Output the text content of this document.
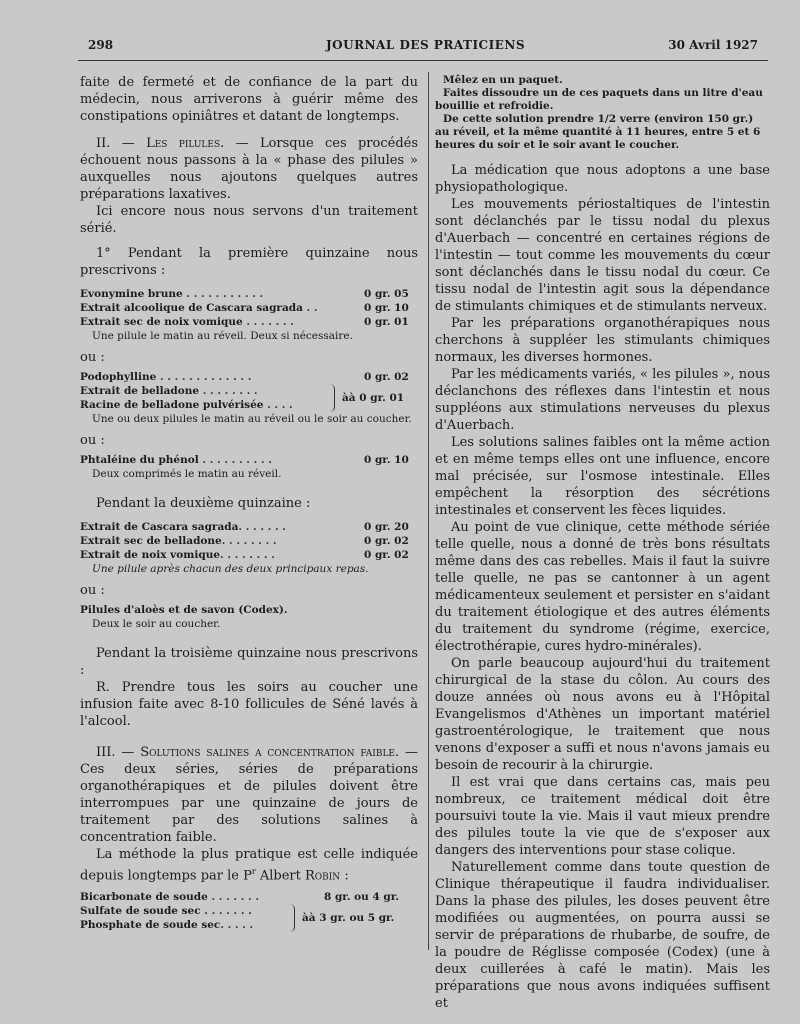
298	JOURNAL DES PRATICIENS	30 Avril 1927

faite de fermeté et de confiance de la part du médecin, nous arriverons à guérir même des constipations opiniâtres et datant de longtemps.

II. — Les pilules. — Lorsque ces procédés échouent nous passons à la « phase des pilules » auxquelles nous ajoutons quelques autres préparations laxatives.

Ici encore nous nous servons d'un traitement sérié.

1° Pendant la première quinzaine nous prescrivons :

Evonymine brune . . . . . . . . . . .	0 gr. 05
Extrait alcoolique de Cascara sagrada . .	0 gr. 10
Extrait sec de noix vomique . . . . . . .	0 gr. 01

Une pilule le matin au réveil. Deux si nécessaire.

ou :

Podophylline . . . . . . . . . . . . .	0 gr. 02
Extrait de belladone . . . . . . . .
Racine de belladone pulvérisée . . . .
àà 0 gr. 01

Une ou deux pilules le matin au réveil ou le soir au coucher.

ou :

Phtaléine du phénol . . . . . . . . . .	0 gr. 10

Deux comprimés le matin au réveil.

Pendant la deuxième quinzaine :

Extrait de Cascara sagrada. . . . . . .	0 gr. 20
Extrait sec de belladone. . . . . . . .	0 gr. 02
Extrait de noix vomique. . . . . . . .	0 gr. 02

Une pilule après chacun des deux principaux repas.

ou :

Pilules d'aloès et de savon (Codex).

Deux le soir au coucher.

Pendant la troisième quinzaine nous prescrivons :

R. Prendre tous les soirs au coucher une infusion faite avec 8-10 follicules de Séné lavés à l'alcool.

III. — Solutions salines a concentration faible. — Ces deux séries, séries de préparations organothérapiques et de pilules doivent être interrompues par une quinzaine de jours de traitement par des solutions salines à concentration faible.

La méthode la plus pratique est celle indiquée depuis longtemps par le $P^r$ Albert Robin :

Bicarbonate de soude . . . . . . .	8 gr. ou 4 gr.
Sulfate de soude sec . . . . . . .
Phosphate de soude sec. . . . .
àà 3 gr. ou 5 gr.

Mêlez en un paquet.

Faites dissoudre un de ces paquets dans un litre d'eau bouillie et refroidie.

De cette solution prendre 1/2 verre (environ 150 gr.) au réveil, et la même quantité à 11 heures, entre 5 et 6 heures du soir et le soir avant le coucher.

La médication que nous adoptons a une base physiopathologique.

Les mouvements périostaltiques de l'intestin sont déclanchés par le tissu nodal du plexus d'Auerbach — concentré en certaines régions de l'intestin — tout comme les mouvements du cœur sont déclanchés dans le tissu nodal du cœur. Ce tissu nodal de l'intestin agit sous la dépendance de stimulants chimiques et de stimulants nerveux.

Par les préparations organothérapiques nous cherchons à suppléer les stimulants chimiques normaux, les diverses hormones.

Par les médicaments variés, « les pilules », nous déclanchons des réflexes dans l'intestin et nous suppléons aux stimulations nerveuses du plexus d'Auerbach.

Les solutions salines faibles ont la même action et en même temps elles ont une influence, encore mal précisée, sur l'osmose intestinale. Elles empêchent la résorption des sécrétions intestinales et conservent les fèces liquides.

Au point de vue clinique, cette méthode sériée telle quelle, nous a donné de très bons résultats même dans des cas rebelles. Mais il faut la suivre telle quelle, ne pas se cantonner à un agent médicamenteux seulement et persister en s'aidant du traitement étiologique et des autres éléments du traitement du syndrome (régime, exercice, électrothérapie, cures hydro-minérales).

On parle beaucoup aujourd'hui du traitement chirurgical de la stase du côlon. Au cours des douze années où nous avons eu à l'Hôpital Evangelismos d'Athènes un important matériel gastroentérologique, le traitement que nous venons d'exposer a suffi et nous n'avons jamais eu besoin de recourir à la chirurgie.

Il est vrai que dans certains cas, mais peu nombreux, ce traitement médical doit être poursuivi toute la vie. Mais il vaut mieux prendre des pilules toute la vie que de s'exposer aux dangers des interventions pour stase colique.

Naturellement comme dans toute question de Clinique thérapeutique il faudra individualiser. Dans la phase des pilules, les doses peuvent être modifiées ou augmentées, on pourra aussi se servir de préparations de rhubarbe, de soufre, de la poudre de Réglisse composée (Codex) (une à deux cuillerées à café le matin). Mais les préparations que nous avons indiquées suffisent et
